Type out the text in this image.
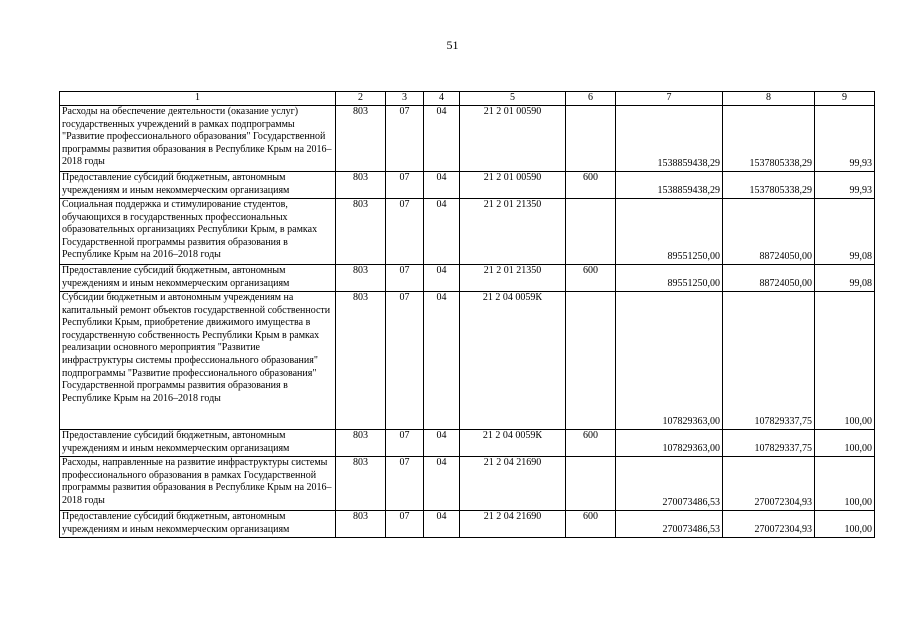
51
1	2	3	4	5	6	7	8	9
Расходы на обеспечение деятельности (оказание услуг) государственных учреждений в рамках подпрограммы "Развитие профессионального образования" Государственной программы развития образования в Республике Крым на 2016–2018 годы	803	07	04	21 2 01 00590		1538859438,29	1537805338,29	99,93
Предоставление субсидий бюджетным, автономным учреждениям и иным некоммерческим организациям	803	07	04	21 2 01 00590	600	1538859438,29	1537805338,29	99,93
Социальная поддержка и стимулирование студентов, обучающихся в государственных профессиональных образовательных организациях Республики Крым, в рамках Государственной программы развития образования в Республике Крым на 2016–2018 годы	803	07	04	21 2 01 21350		89551250,00	88724050,00	99,08
Предоставление субсидий бюджетным, автономным учреждениям и иным некоммерческим организациям	803	07	04	21 2 01 21350	600	89551250,00	88724050,00	99,08
Субсидии бюджетным и автономным учреждениям на капитальный ремонт объектов государственной собственности Республики Крым, приобретение движимого имущества в государственную собственность Республики Крым в рамках реализации основного мероприятия "Развитие инфраструктуры системы профессионального образования" подпрограммы "Развитие профессионального образования" Государственной программы развития образования в Республике Крым на 2016–2018 годы	803	07	04	21 2 04 0059К		107829363,00	107829337,75	100,00
Предоставление субсидий бюджетным, автономным учреждениям и иным некоммерческим организациям	803	07	04	21 2 04 0059К	600	107829363,00	107829337,75	100,00
Расходы, направленные на развитие инфраструктуры системы профессионального образования в рамках Государственной программы развития образования в Республике Крым на 2016–2018 годы	803	07	04	21 2 04 21690		270073486,53	270072304,93	100,00
Предоставление субсидий бюджетным, автономным учреждениям и иным некоммерческим организациям	803	07	04	21 2 04 21690	600	270073486,53	270072304,93	100,00
